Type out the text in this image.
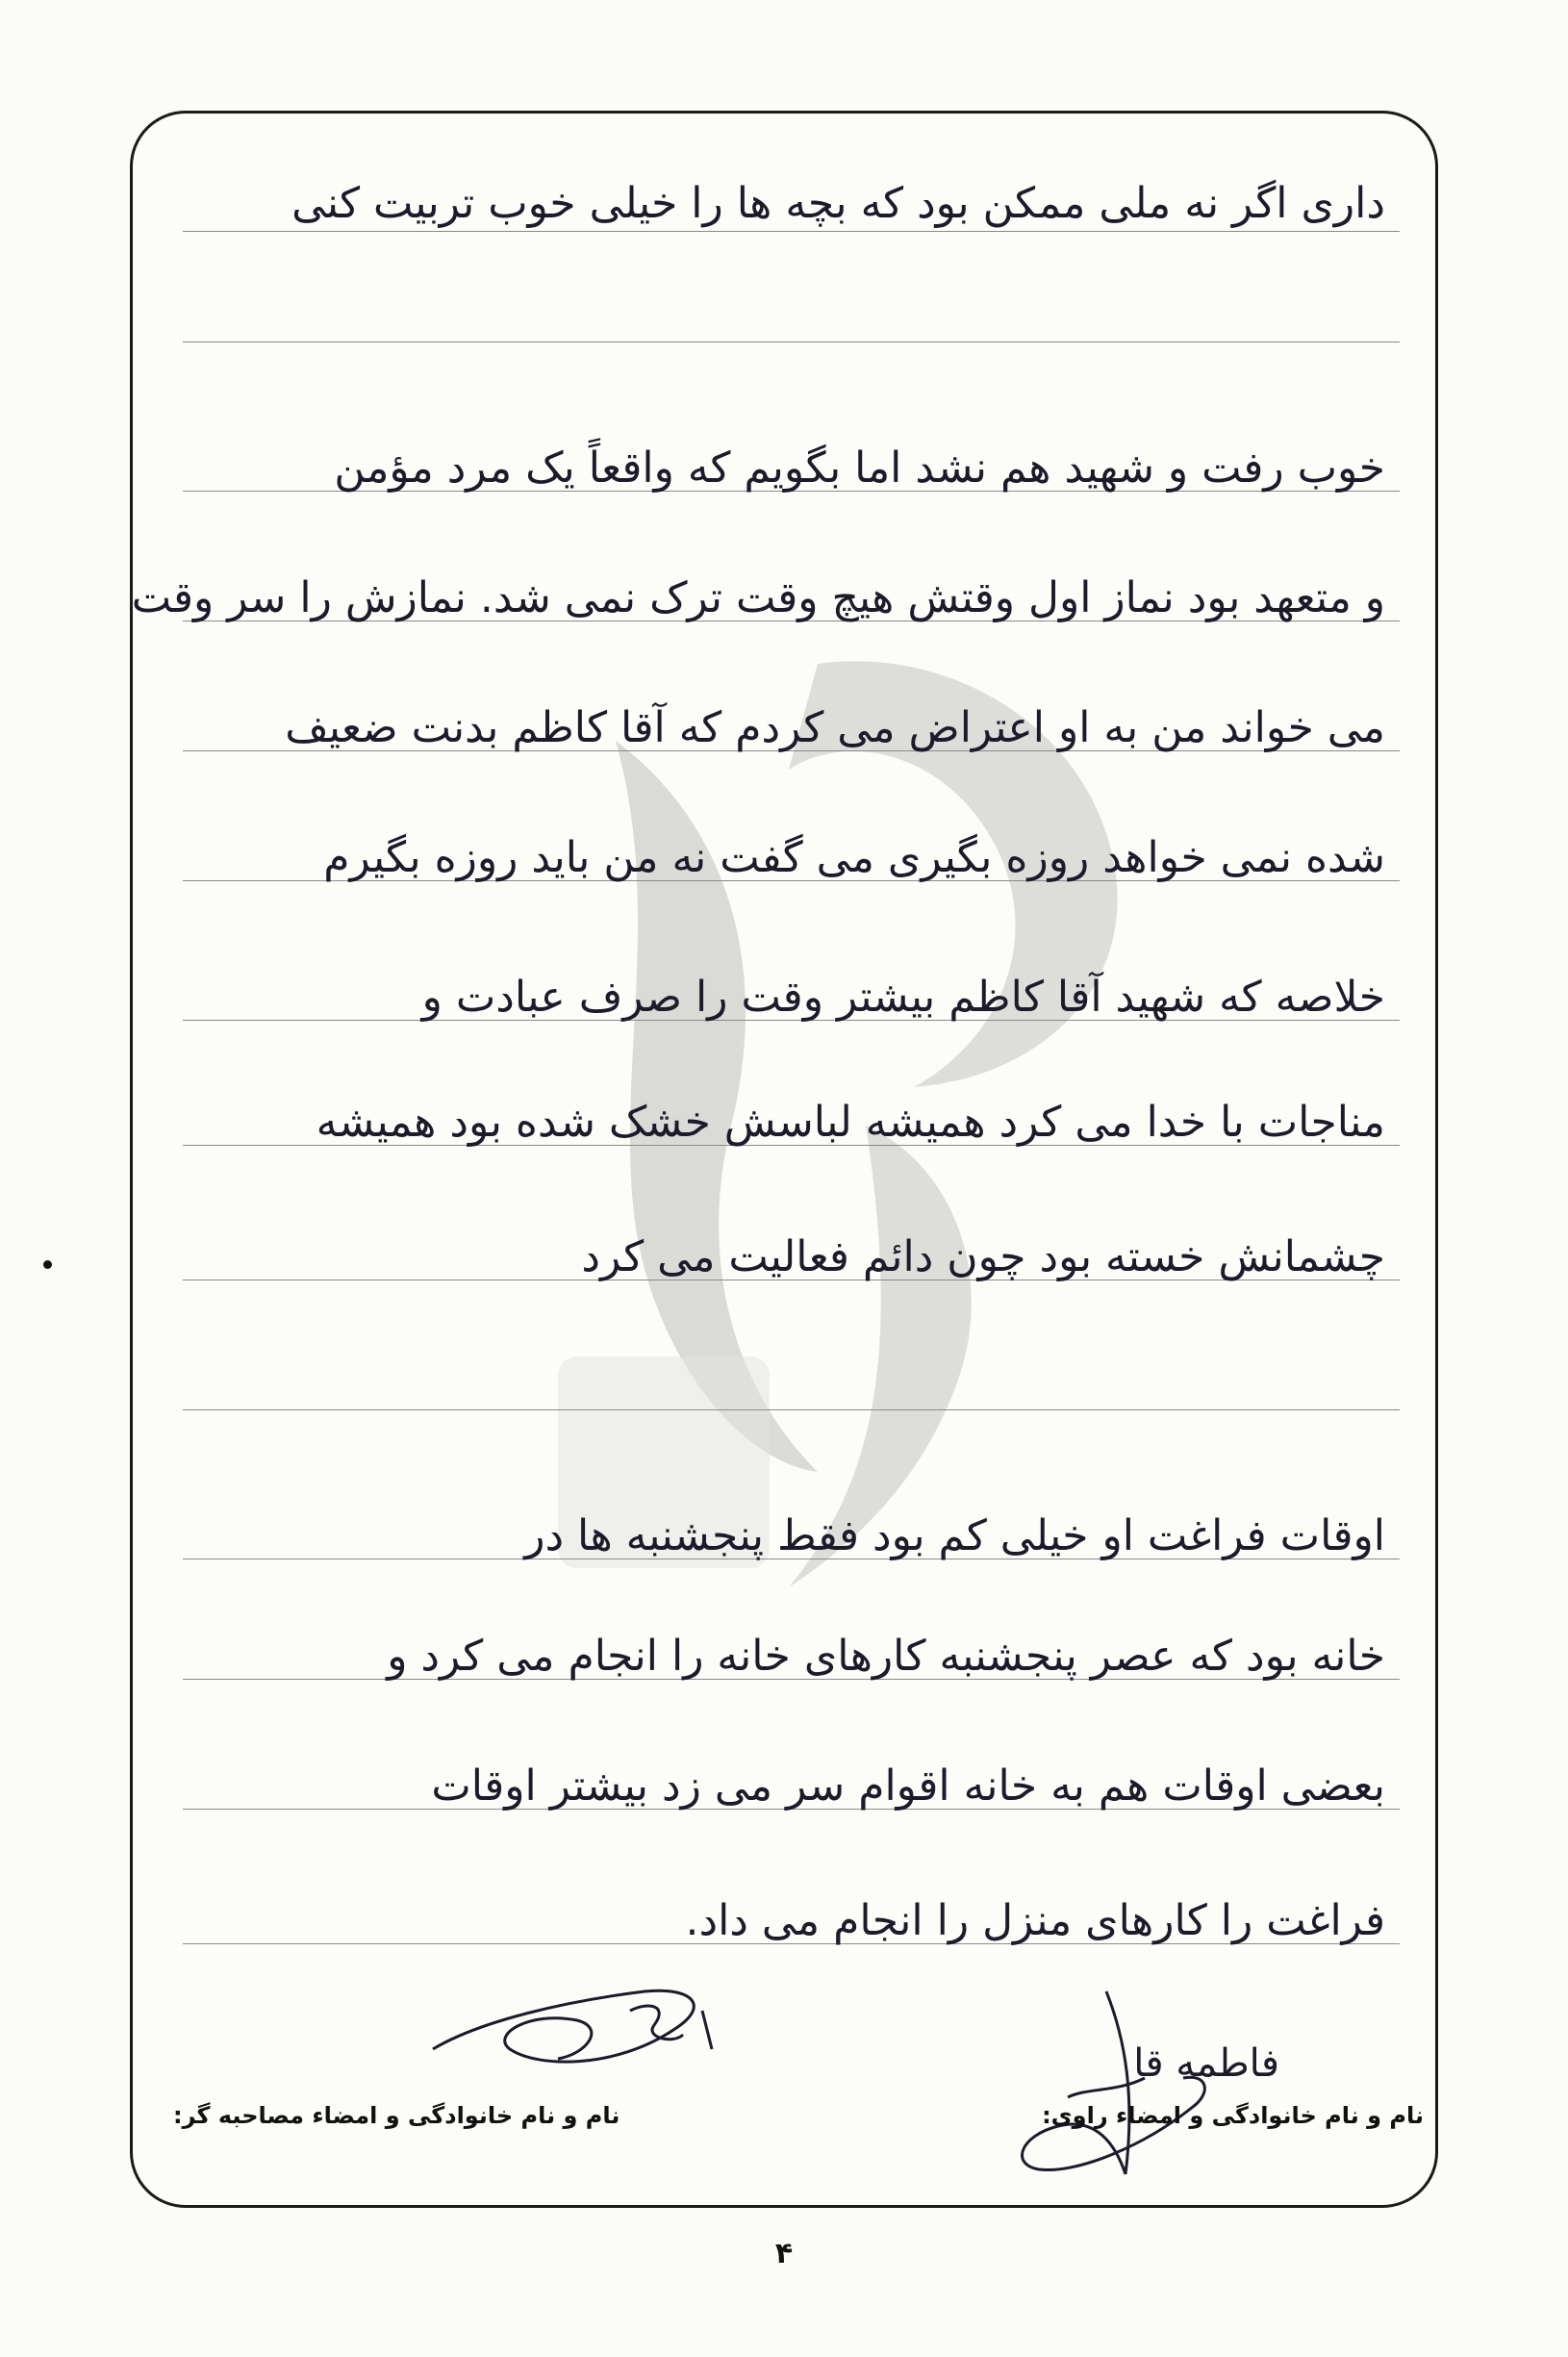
داری اگر نه ملی ممکن بود که بچه ها را خیلی خوب تربیت کنی
خوب رفت و شهید هم نشد اما بگویم که واقعاً یک مرد مؤمن
و متعهد بود نماز اول وقتش هیچ وقت ترک نمی شد. نمازش را سر وقت
می خواند من به او اعتراض می کردم که آقا کاظم بدنت ضعیف
شده نمی خواهد روزه بگیری می گفت نه من باید روزه بگیرم
خلاصه که شهید آقا کاظم بیشتر وقت را صرف عبادت و
مناجات با خدا می کرد همیشه لباسش خشک شده بود همیشه
چشمانش خسته بود چون دائم فعالیت می کرد
اوقات فراغت او خیلی کم بود فقط پنجشنبه ها در
خانه بود که عصر پنجشنبه کارهای خانه را انجام می کرد و
بعضی اوقات هم به خانه اقوام سر می زد بیشتر اوقات
فراغت را کارهای منزل را انجام می داد.
فاطمه قا
نام و نام خانوادگی و امضاء راوی:
نام و نام خانوادگی و امضاء مصاحبه گر:
۴
